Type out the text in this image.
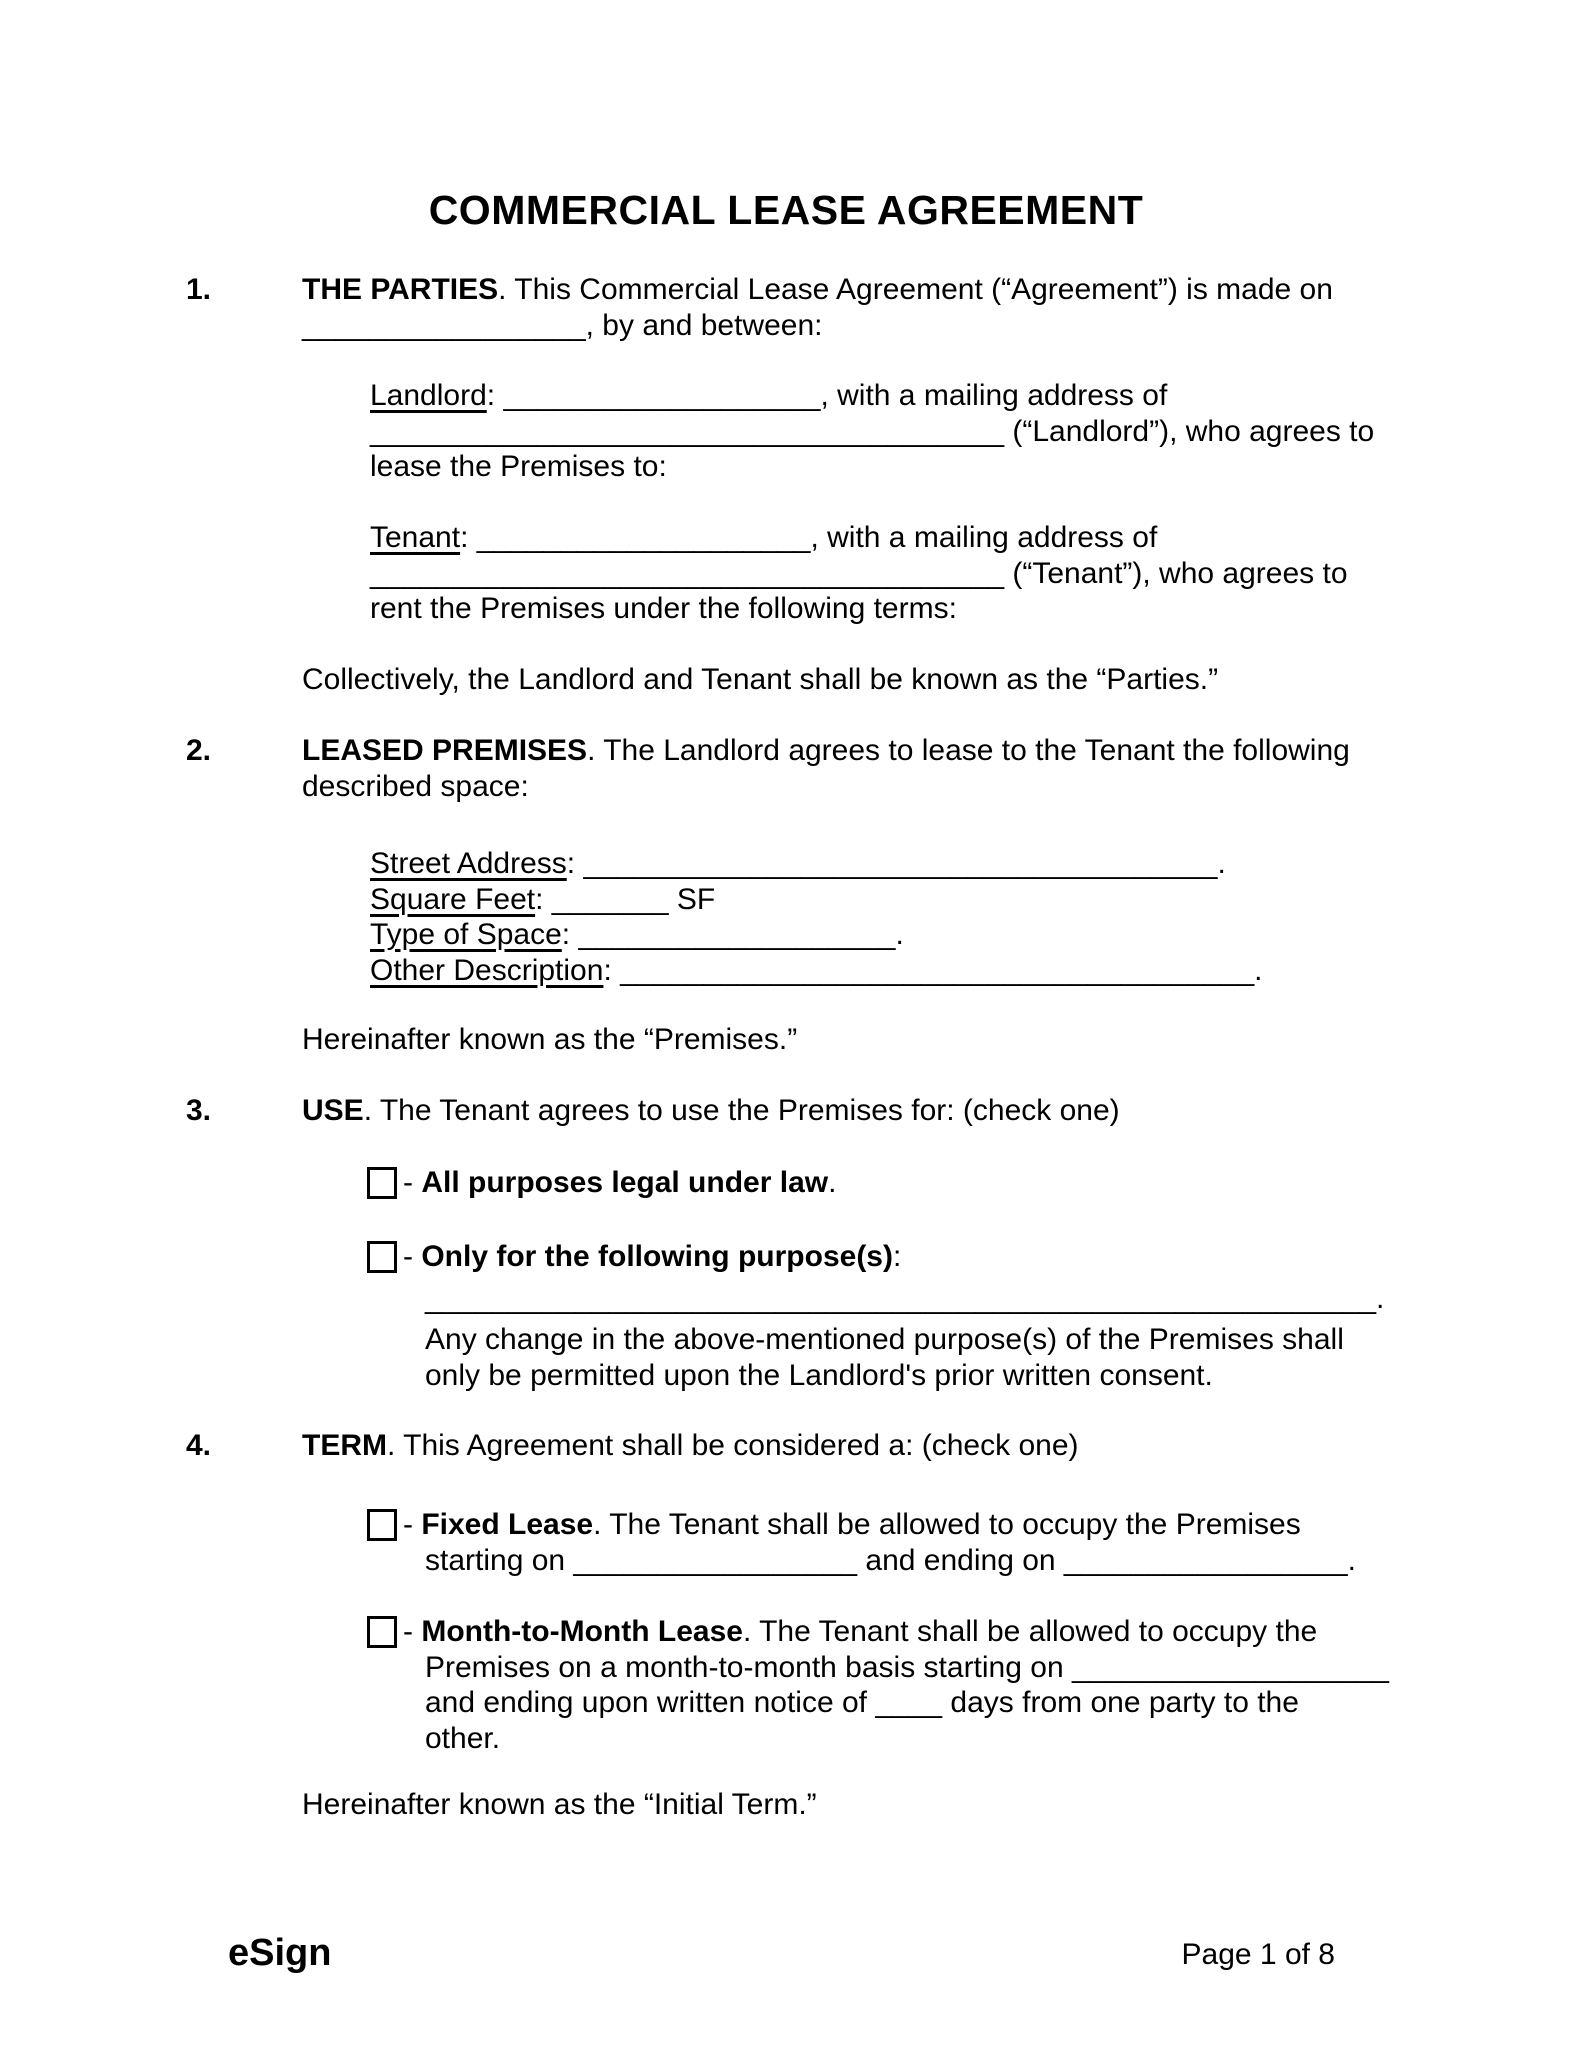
COMMERCIAL LEASE AGREEMENT
1.	THE PARTIES. This Commercial Lease Agreement (“Agreement”) is made on
_________________, by and between:
Landlord: ___________________, with a mailing address of
______________________________________ (“Landlord”), who agrees to
lease the Premises to:
Tenant: ____________________, with a mailing address of
______________________________________ (“Tenant”), who agrees to
rent the Premises under the following terms:
Collectively, the Landlord and Tenant shall be known as the “Parties.”
2.	LEASED PREMISES. The Landlord agrees to lease to the Tenant the following
described space:
Street Address: ______________________________________.
Square Feet: _______ SF
Type of Space: ___________________.
Other Description: ______________________________________.
Hereinafter known as the “Premises.”
3.	USE. The Tenant agrees to use the Premises for: (check one)
- All purposes legal under law.
- Only for the following purpose(s):
_________________________________________________________.
Any change in the above-mentioned purpose(s) of the Premises shall
only be permitted upon the Landlord's prior written consent.
4.	TERM. This Agreement shall be considered a: (check one)
- Fixed Lease. The Tenant shall be allowed to occupy the Premises
starting on _________________ and ending on _________________.
- Month-to-Month Lease. The Tenant shall be allowed to occupy the
Premises on a month-to-month basis starting on ___________________
and ending upon written notice of ____ days from one party to the
other.
Hereinafter known as the “Initial Term.”
eSign	Page 1 of 8
